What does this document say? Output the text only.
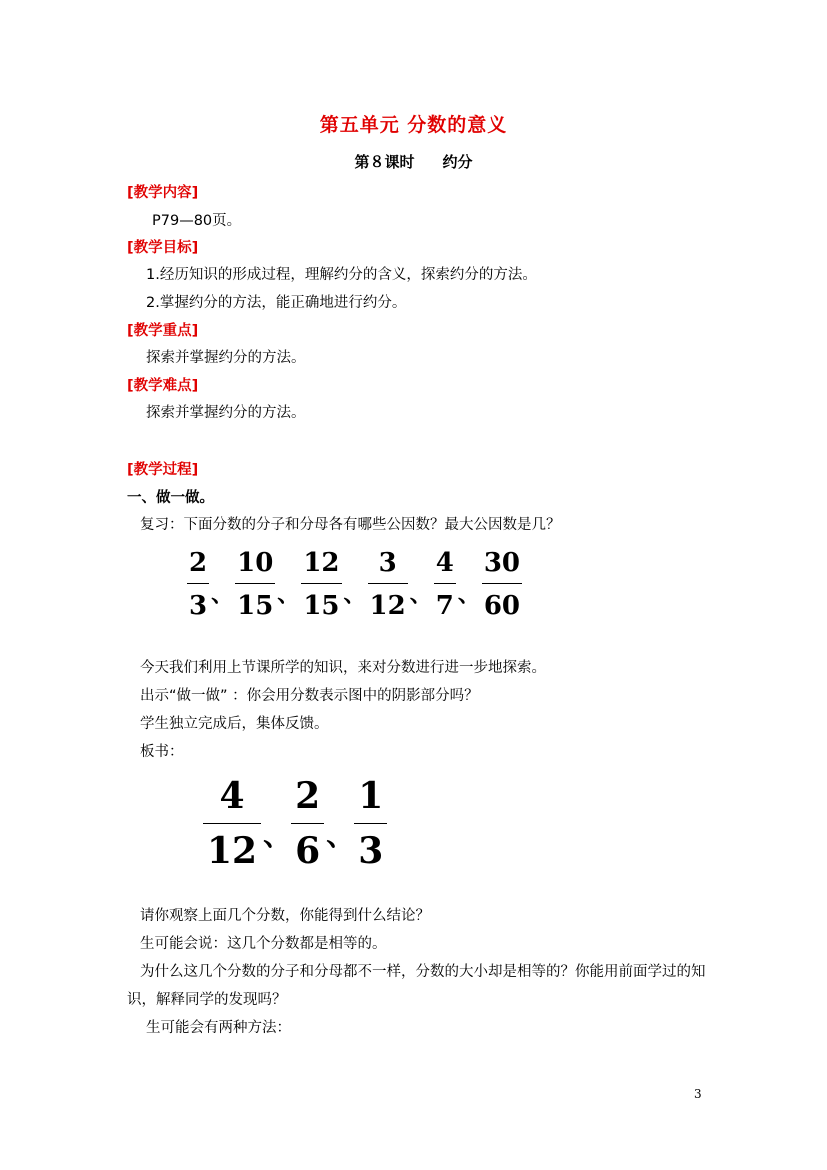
第五单元 分数的意义
第８课时 约分
[教学内容]
P79—80页。
[教学目标]
1.经历知识的形成过程，理解约分的含义，探索约分的方法。
2.掌握约分的方法，能正确地进行约分。
[教学重点]
探索并掌握约分的方法。
[教学难点]
探索并掌握约分的方法。
[教学过程]
一、做一做。
复习：下面分数的分子和分母各有哪些公因数？最大公因数是几？
$\frac{2}{3}$ 、 $\frac{10}{15}$ 、 $\frac{12}{15}$ 、 $\frac{3}{12}$ 、 $\frac{4}{7}$ 、 $\frac{30}{60}$
今天我们利用上节课所学的知识，来对分数进行进一步地探索。
出示“做一做” ：你会用分数表示图中的阴影部分吗？
学生独立完成后，集体反馈。
板书：
$\frac{4}{12}$ 、 $\frac{2}{6}$ 、 $\frac{1}{3}$
请你观察上面几个分数，你能得到什么结论？
生可能会说：这几个分数都是相等的。
为什么这几个分数的分子和分母都不一样，分数的大小却是相等的？你能用前面学过的知
识，解释同学的发现吗？
生可能会有两种方法：
3
